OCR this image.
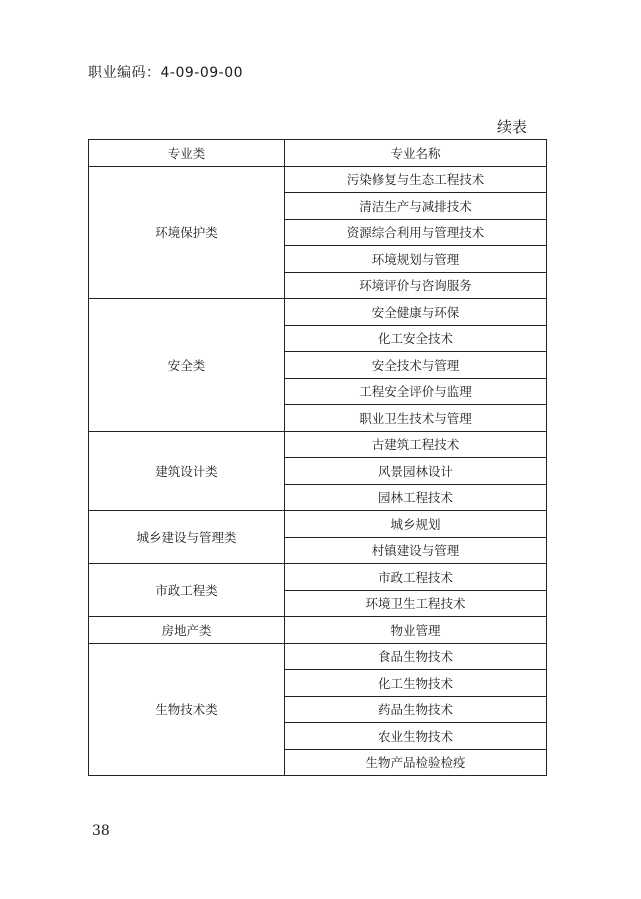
职业编码：4-09-09-00
续表
专业类	专业名称
环境保护类	污染修复与生态工程技术
	清洁生产与减排技术
	资源综合利用与管理技术
	环境规划与管理
	环境评价与咨询服务
安全类	安全健康与环保
	化工安全技术
	安全技术与管理
	工程安全评价与监理
	职业卫生技术与管理
建筑设计类	古建筑工程技术
	风景园林设计
	园林工程技术
城乡建设与管理类	城乡规划
	村镇建设与管理
市政工程类	市政工程技术
	环境卫生工程技术
房地产类	物业管理
生物技术类	食品生物技术
	化工生物技术
	药品生物技术
	农业生物技术
	生物产品检验检疫
38
